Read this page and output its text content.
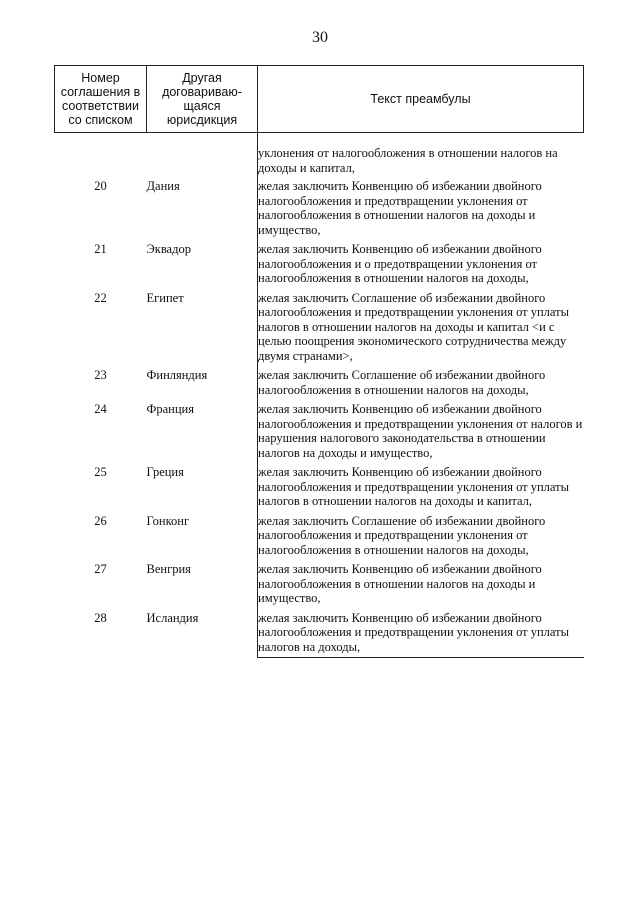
30
Номер соглашения в соответствии со списком	Другая договариваю-щаяся юрисдикция	Текст преамбулы
		уклонения от налогообложения в отношении налогов на доходы и капитал,
20	Дания	желая заключить Конвенцию об избежании двойного налогообложения и предотвращении уклонения от налогообложения в отношении налогов на доходы и имущество,
21	Эквадор	желая заключить Конвенцию об избежании двойного налогообложения и о предотвращении уклонения от налогообложения в отношении налогов на доходы,
22	Египет	желая заключить Соглашение об избежании двойного налогообложения и предотвращении уклонения от уплаты налогов в отношении налогов на доходы и капитал <и с целью поощрения экономического сотрудничества между двумя странами>,
23	Финляндия	желая заключить Соглашение об избежании двойного налогообложения в отношении налогов на доходы,
24	Франция	желая заключить Конвенцию об избежании двойного налогообложения и предотвращении уклонения от налогов и нарушения налогового законодательства в отношении налогов на доходы и имущество,
25	Греция	желая заключить Конвенцию об избежании двойного налогообложения и предотвращении уклонения от уплаты налогов в отношении налогов на доходы и капитал,
26	Гонконг	желая заключить Соглашение об избежании двойного налогообложения и предотвращении уклонения от налогообложения в отношении налогов на доходы,
27	Венгрия	желая заключить Конвенцию об избежании двойного налогообложения в отношении налогов на доходы и имущество,
28	Исландия	желая заключить Конвенцию об избежании двойного налогообложения и предотвращении уклонения от уплаты налогов на доходы,
